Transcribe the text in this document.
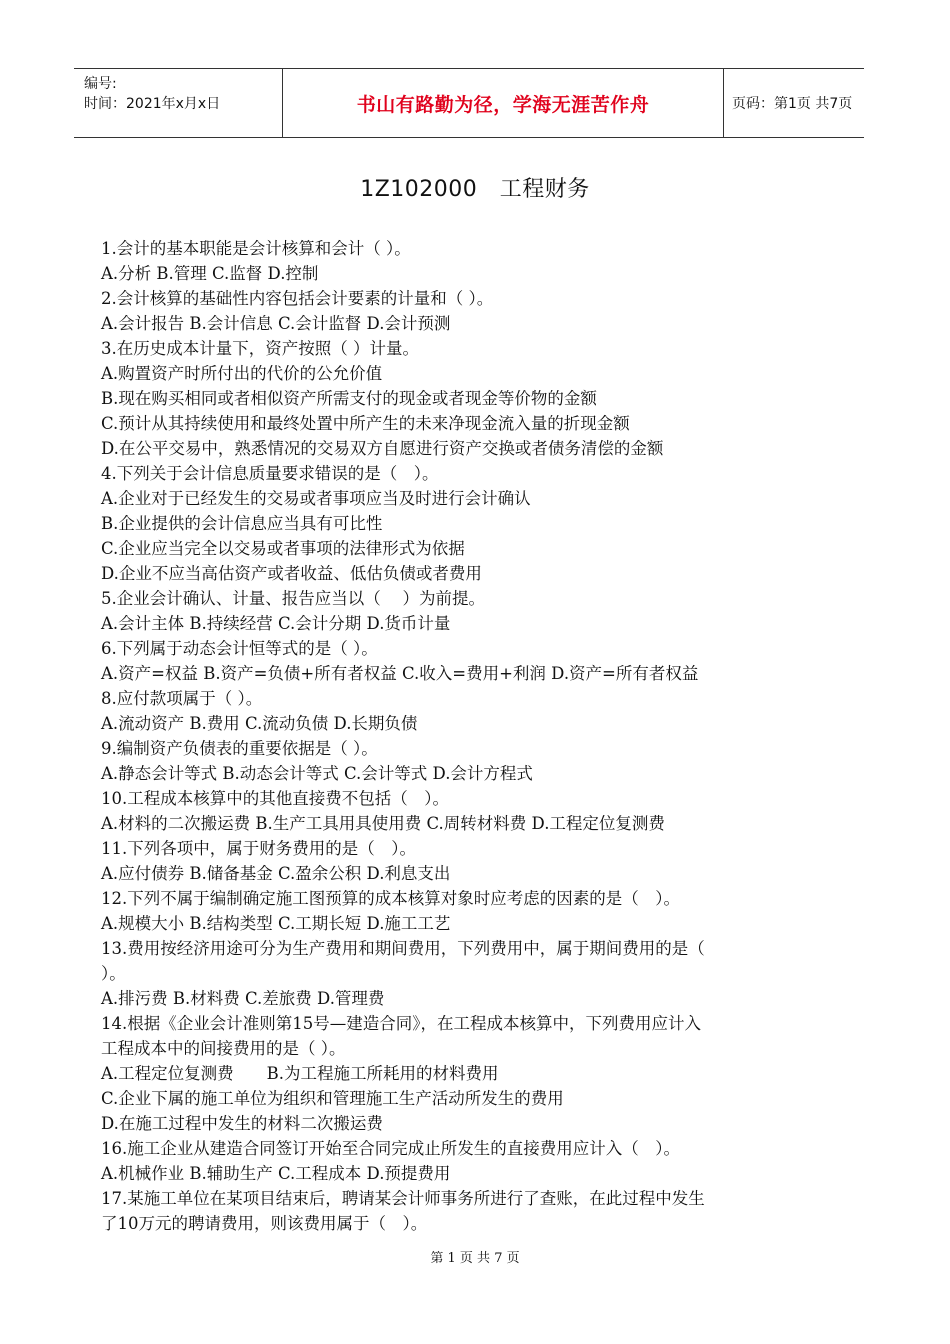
编号:
时间：2021年x月x日	书山有路勤为径，学海无涯苦作舟	页码：第1页 共7页
1Z102000　工程财务
1.会计的基本职能是会计核算和会计（ ）。
A.分析 B.管理 C.监督 D.控制
2.会计核算的基础性内容包括会计要素的计量和（ ）。
A.会计报告 B.会计信息 C.会计监督 D.会计预测
3.在历史成本计量下，资产按照（ ）计量。
A.购置资产时所付出的代价的公允价值
B.现在购买相同或者相似资产所需支付的现金或者现金等价物的金额
C.预计从其持续使用和最终处置中所产生的未来净现金流入量的折现金额
D.在公平交易中，熟悉情况的交易双方自愿进行资产交换或者债务清偿的金额
4.下列关于会计信息质量要求错误的是（　）。
A.企业对于已经发生的交易或者事项应当及时进行会计确认
B.企业提供的会计信息应当具有可比性
C.企业应当完全以交易或者事项的法律形式为依据
D.企业不应当高估资产或者收益、低估负债或者费用
5.企业会计确认、计量、报告应当以（　 ）为前提。
A.会计主体 B.持续经营 C.会计分期 D.货币计量
6.下列属于动态会计恒等式的是（ ）。
A.资产=权益 B.资产=负债+所有者权益 C.收入=费用+利润 D.资产=所有者权益
8.应付款项属于（ ）。
A.流动资产 B.费用 C.流动负债 D.长期负债
9.编制资产负债表的重要依据是（ ）。
A.静态会计等式 B.动态会计等式 C.会计等式 D.会计方程式
10.工程成本核算中的其他直接费不包括（　）。
A.材料的二次搬运费 B.生产工具用具使用费 C.周转材料费 D.工程定位复测费
11.下列各项中，属于财务费用的是（　）。
A.应付债券 B.储备基金 C.盈余公积 D.利息支出
12.下列不属于编制确定施工图预算的成本核算对象时应考虑的因素的是（　）。
A.规模大小 B.结构类型 C.工期长短 D.施工工艺
13.费用按经济用途可分为生产费用和期间费用，下列费用中，属于期间费用的是（
）。
A.排污费 B.材料费 C.差旅费 D.管理费
14.根据《企业会计准则第15号—建造合同》，在工程成本核算中，下列费用应计入
工程成本中的间接费用的是（ ）。
A.工程定位复测费　　B.为工程施工所耗用的材料费用
C.企业下属的施工单位为组织和管理施工生产活动所发生的费用
D.在施工过程中发生的材料二次搬运费
16.施工企业从建造合同签订开始至合同完成止所发生的直接费用应计入（　）。
A.机械作业 B.辅助生产 C.工程成本 D.预提费用
17.某施工单位在某项目结束后，聘请某会计师事务所进行了查账，在此过程中发生
了10万元的聘请费用，则该费用属于（　）。
第 1 页 共 7 页
